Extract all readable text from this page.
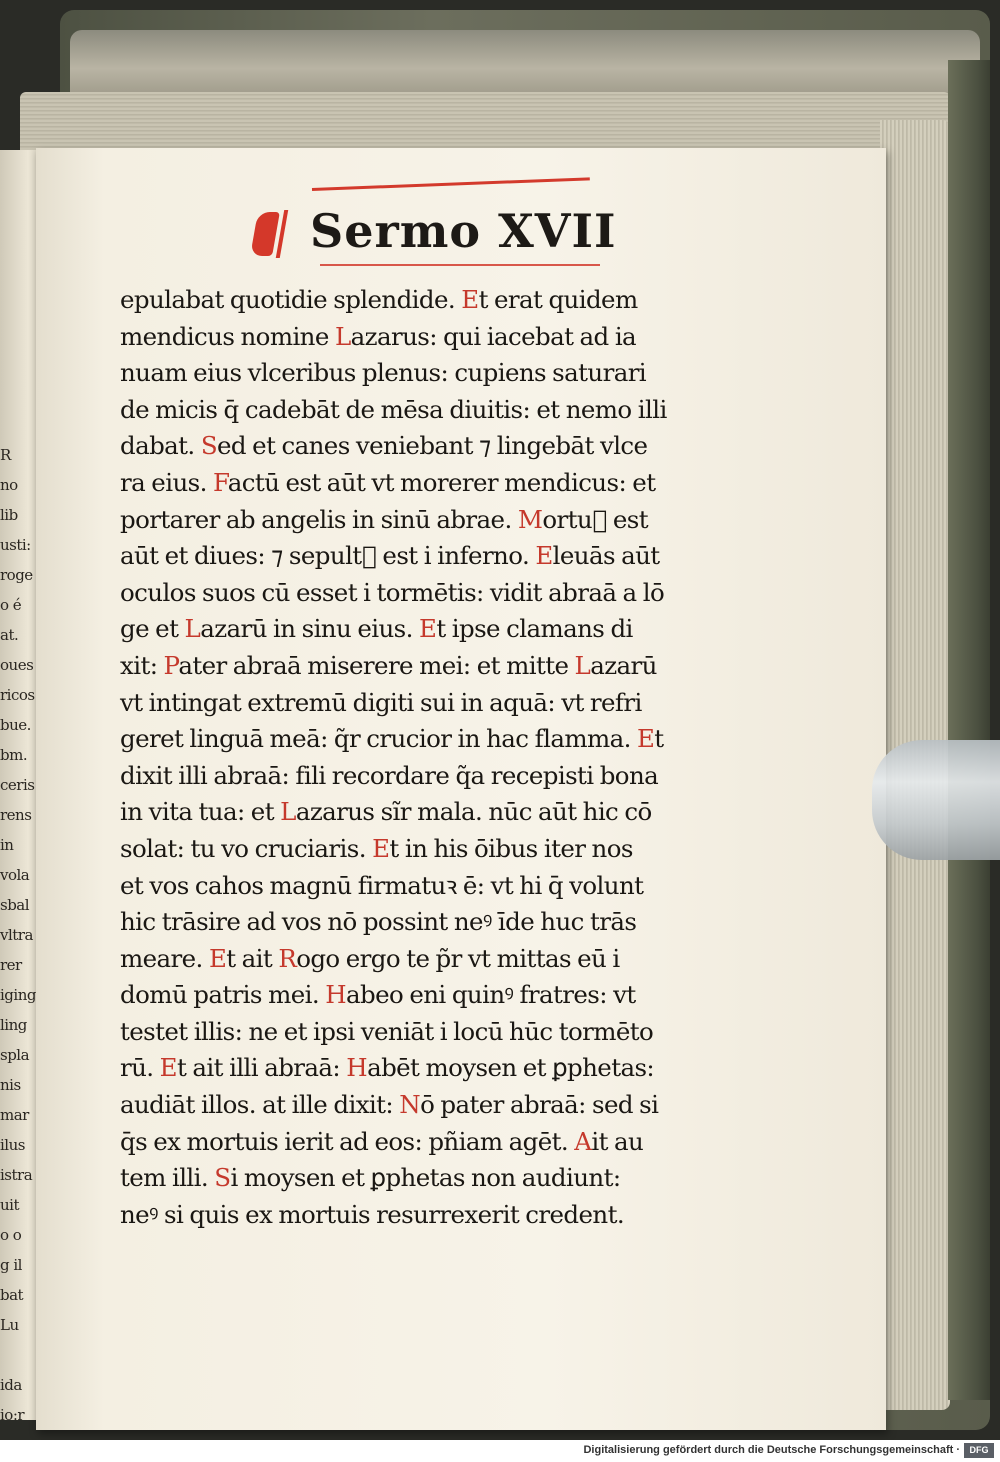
R
no
lib
usti:
roge
o é
at.
oues
ricos
bue.
bm.
ceris
rens
in
vola
sbal
vltra
rer
iging
ling
spla
nis
mar
ilus
istra
uit
o o
g il
bat
Lu

ida
io:r
Sermo XVII
epulabat quotidie splendide. Et erat quidem
mendicus nomine Lazarus: qui iacebat ad ia
nuam eius vlceribus plenus: cupiens saturari
de micis q̄ cadebāt de mēsa diuitis: et nemo illi
dabat. Sed et canes veniebant ⁊ lingebāt vlce
ra eius. Factū est aūt vt morerer mendicus: et
portarer ab angelis in sinū abrae. Mortu᷒ est
aūt et diues: ⁊ sepult᷒ est i inferno. Eleuās aūt
oculos suos cū esset i tormētis: vidit abraā a lō
ge et Lazarū in sinu eius. Et ipse clamans di
xit: Pater abraā miserere mei: et mitte Lazarū
vt intingat extremū digiti sui in aquā: vt refri
geret linguā meā: q̃r crucior in hac flamma. Et
dixit illi abraā: fili recordare q̃a recepisti bona
in vita tua: et Lazarus sĩr mala. nūc aūt hic cō
solat: tu vo cruciaris. Et in his ōibus iter nos
et vos cahos magnū firmatuꝛ ē: vt hi q̄ volunt
hic trāsire ad vos nō possint neꝰ īde huc trās
meare. Et ait Rogo ergo te p̃r vt mittas eū i
domū patris mei. Habeo eni quinꝰ fratres: vt
testet illis: ne et ipsi veniāt i locū hūc tormēto
rū. Et ait illi abraā: Habēt moysen et ꝑphetas:
audiāt illos. at ille dixit: Nō pater abraā: sed si
q̄s ex mortuis ierit ad eos: pñiam agēt. Ait au
tem illi. Si moysen et ꝑphetas non audiunt:
neꝰ si quis ex mortuis resurrexerit credent.
Digitalisierung gefördert durch die Deutsche Forschungsgemeinschaft ·	DFG
